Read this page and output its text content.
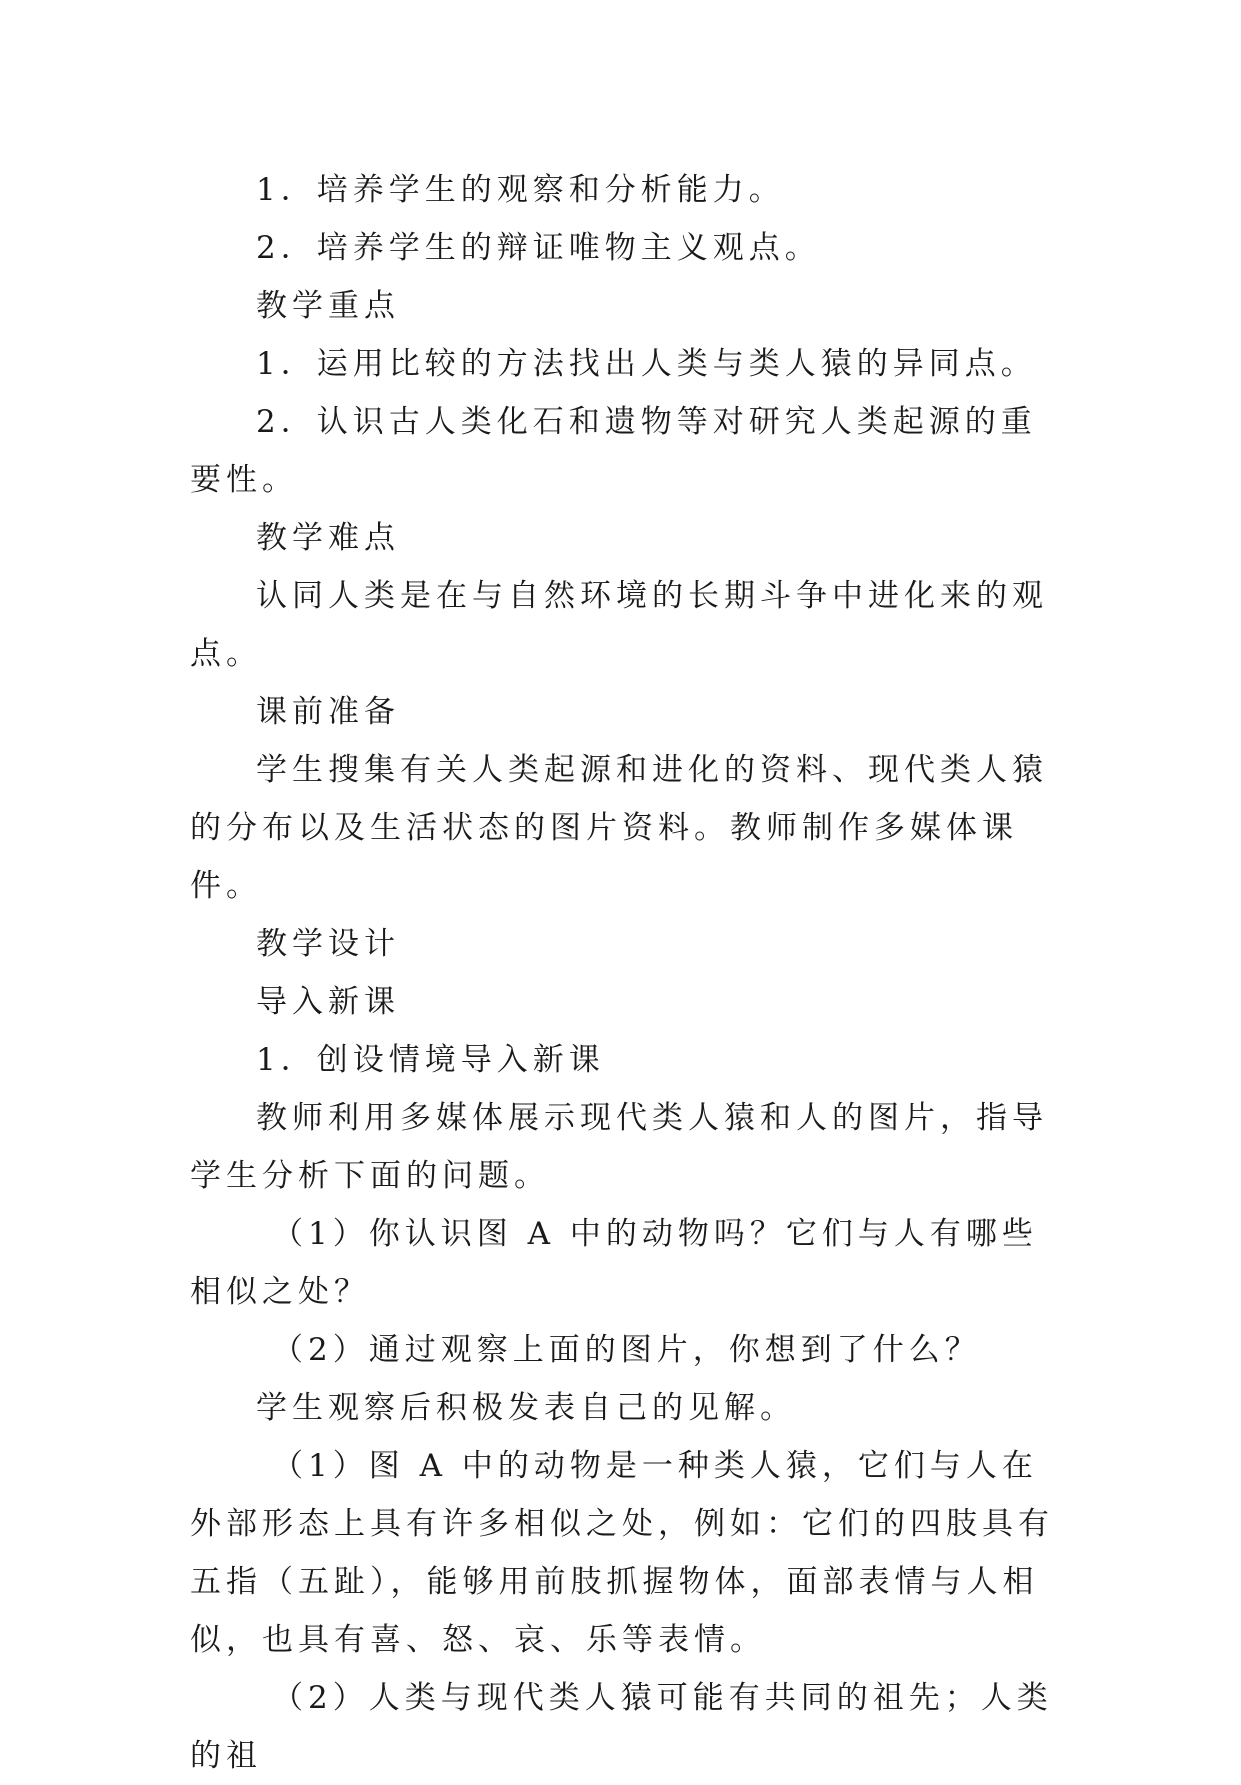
1．培养学生的观察和分析能力。

2．培养学生的辩证唯物主义观点。

教学重点

1．运用比较的方法找出人类与类人猿的异同点。

2．认识古人类化石和遗物等对研究人类起源的重要性。

教学难点

认同人类是在与自然环境的长期斗争中进化来的观点。

课前准备

学生搜集有关人类起源和进化的资料、现代类人猿的分布以及生活状态的图片资料。教师制作多媒体课件。

教学设计

导入新课

1．创设情境导入新课

教师利用多媒体展示现代类人猿和人的图片，指导学生分析下面的问题。

（1）你认识图 A 中的动物吗？它们与人有哪些相似之处？

（2）通过观察上面的图片，你想到了什么？

学生观察后积极发表自己的见解。

（1）图 A 中的动物是一种类人猿，它们与人在外部形态上具有许多相似之处，例如：它们的四肢具有五指（五趾），能够用前肢抓握物体，面部表情与人相似，也具有喜、怒、哀、乐等表情。

（2）人类与现代类人猿可能有共同的祖先；人类的祖
